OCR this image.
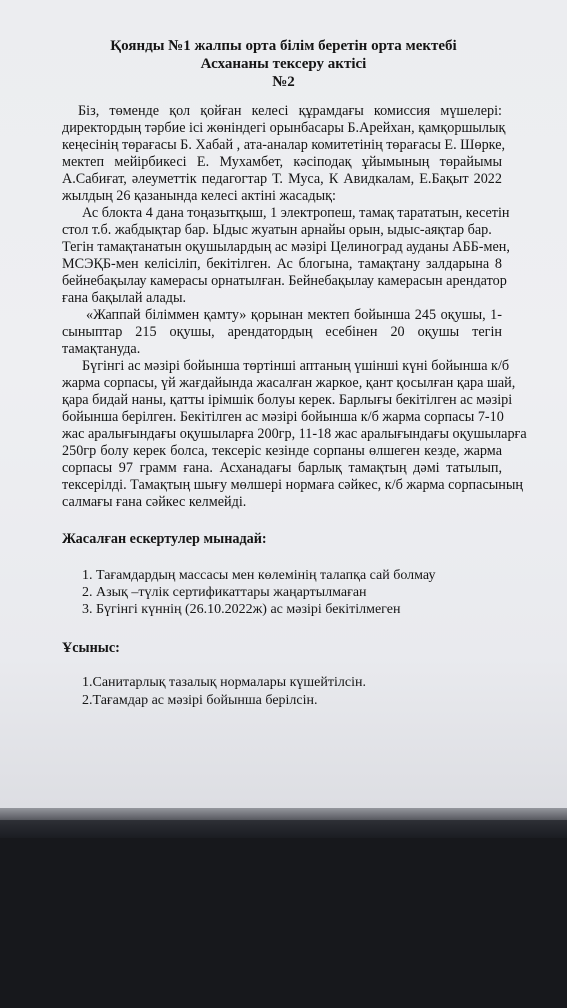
Қоянды №1 жалпы орта білім беретін орта мектебі
Асхананы тексеру актісі
№2
Біз, төменде қол қойған келесі құрамдағы комиссия мүшелері:
директордың тәрбие ісі жөніндегі орынбасары Б.Арейхан, қамқоршылық
кеңесінің төрағасы Б. Хабай , ата-аналар комитетінің төрағасы Е. Шөрке,
мектеп мейірбикесі Е. Мухамбет, кәсіподақ ұйымының төрайымы
А.Сабиғат, әлеуметтік педагогтар Т. Муса, К Авидкалам, Е.Бақыт 2022
жылдың 26 қазанында келесі актіні жасадық:
Ас блокта 4 дана тоңазытқыш, 1 электропеш, тамақ тарататын, кесетін
стол т.б. жабдықтар бар. Ыдыс жуатын арнайы орын, ыдыс-аяқтар бар.
Тегін тамақтанатын оқушылардың ас мәзірі Целиноград ауданы АББ-мен,
МСЭҚБ-мен келісіліп, бекітілген. Ас блогына, тамақтану залдарына 8
бейнебақылау камерасы орнатылған. Бейнебақылау камерасын арендатор
ғана бақылай алады.
«Жаппай біліммен қамту» қорынан мектеп бойынша 245 оқушы, 1-
сыныптар 215 оқушы, арендатордың есебінен 20 оқушы тегін
тамақтануда.
Бүгінгі ас мәзірі бойынша төртінші аптаның үшінші күні бойынша к/б
жарма сорпасы, үй жағдайында жасалған жаркое, қант қосылған қара шай,
қара бидай наны, қатты ірімшік болуы керек. Барлығы бекітілген ас мәзірі
бойынша берілген. Бекітілген ас мәзірі бойынша к/б жарма сорпасы 7-10
жас аралығындағы оқушыларға 200гр, 11-18 жас аралығындағы оқушыларға
250гр болу керек болса, тексеріс кезінде сорпаны өлшеген кезде, жарма
сорпасы 97 грамм ғана. Асханадағы барлық тамақтың дәмі татылып,
тексерілді. Тамақтың шығу мөлшері нормаға сәйкес, к/б жарма сорпасының
салмағы ғана сәйкес келмейді.
Жасалған ескертулер мынадай:
1. Тағамдардың массасы мен көлемінің талапқа сай болмау
2. Азық –түлік сертификаттары жаңартылмаған
3. Бүгінгі күннің (26.10.2022ж) ас мәзірі бекітілмеген
Ұсыныс:
1.Санитарлық тазалық нормалары күшейтілсін.
2.Тағамдар ас мәзірі бойынша берілсін.
